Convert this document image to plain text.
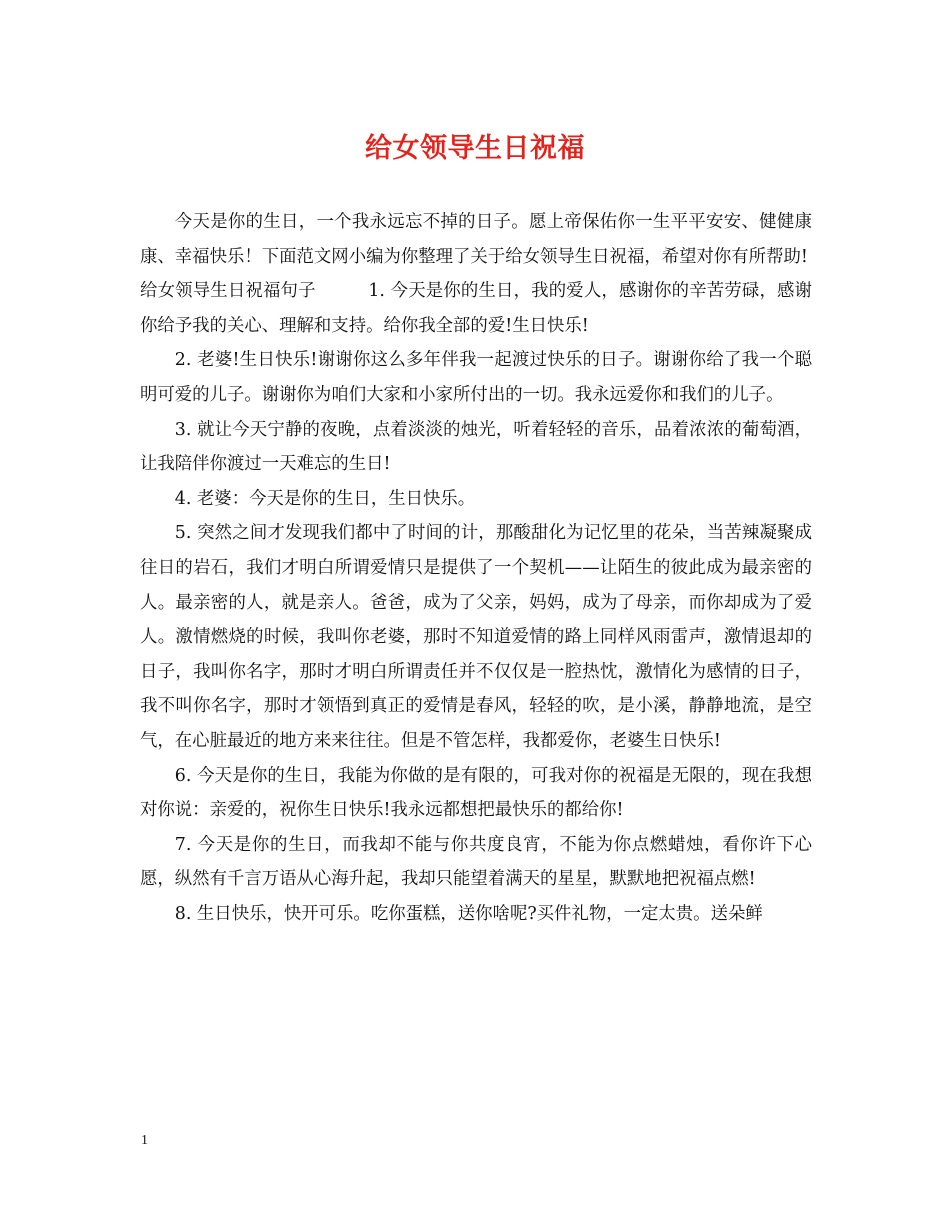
给女领导生日祝福

今天是你的生日，一个我永远忘不掉的日子。愿上帝保佑你一生平平安安、健健康康、幸福快乐！下面范文网小编为你整理了关于给女领导生日祝福，希望对你有所帮助!

给女领导生日祝福句子　　　1. 今天是你的生日，我的爱人，感谢你的辛苦劳碌，感谢你给予我的关心、理解和支持。给你我全部的爱!生日快乐!

2. 老婆!生日快乐!谢谢你这么多年伴我一起渡过快乐的日子。谢谢你给了我一个聪明可爱的儿子。谢谢你为咱们大家和小家所付出的一切。我永远爱你和我们的儿子。

3. 就让今天宁静的夜晚，点着淡淡的烛光，听着轻轻的音乐，品着浓浓的葡萄酒，让我陪伴你渡过一天难忘的生日!

4. 老婆：今天是你的生日，生日快乐。

5. 突然之间才发现我们都中了时间的计，那酸甜化为记忆里的花朵，当苦辣凝聚成往日的岩石，我们才明白所谓爱情只是提供了一个契机——让陌生的彼此成为最亲密的人。最亲密的人，就是亲人。爸爸，成为了父亲，妈妈，成为了母亲，而你却成为了爱人。激情燃烧的时候，我叫你老婆，那时不知道爱情的路上同样风雨雷声，激情退却的日子，我叫你名字，那时才明白所谓责任并不仅仅是一腔热忱，激情化为感情的日子，我不叫你名字，那时才领悟到真正的爱情是春风，轻轻的吹，是小溪，静静地流，是空气，在心脏最近的地方来来往往。但是不管怎样，我都爱你，老婆生日快乐!

6. 今天是你的生日，我能为你做的是有限的，可我对你的祝福是无限的，现在我想对你说：亲爱的，祝你生日快乐!我永远都想把最快乐的都给你!

7. 今天是你的生日，而我却不能与你共度良宵，不能为你点燃蜡烛，看你许下心愿，纵然有千言万语从心海升起，我却只能望着满天的星星，默默地把祝福点燃!

8. 生日快乐，快开可乐。吃你蛋糕，送你啥呢?买件礼物，一定太贵。送朵鲜

1
